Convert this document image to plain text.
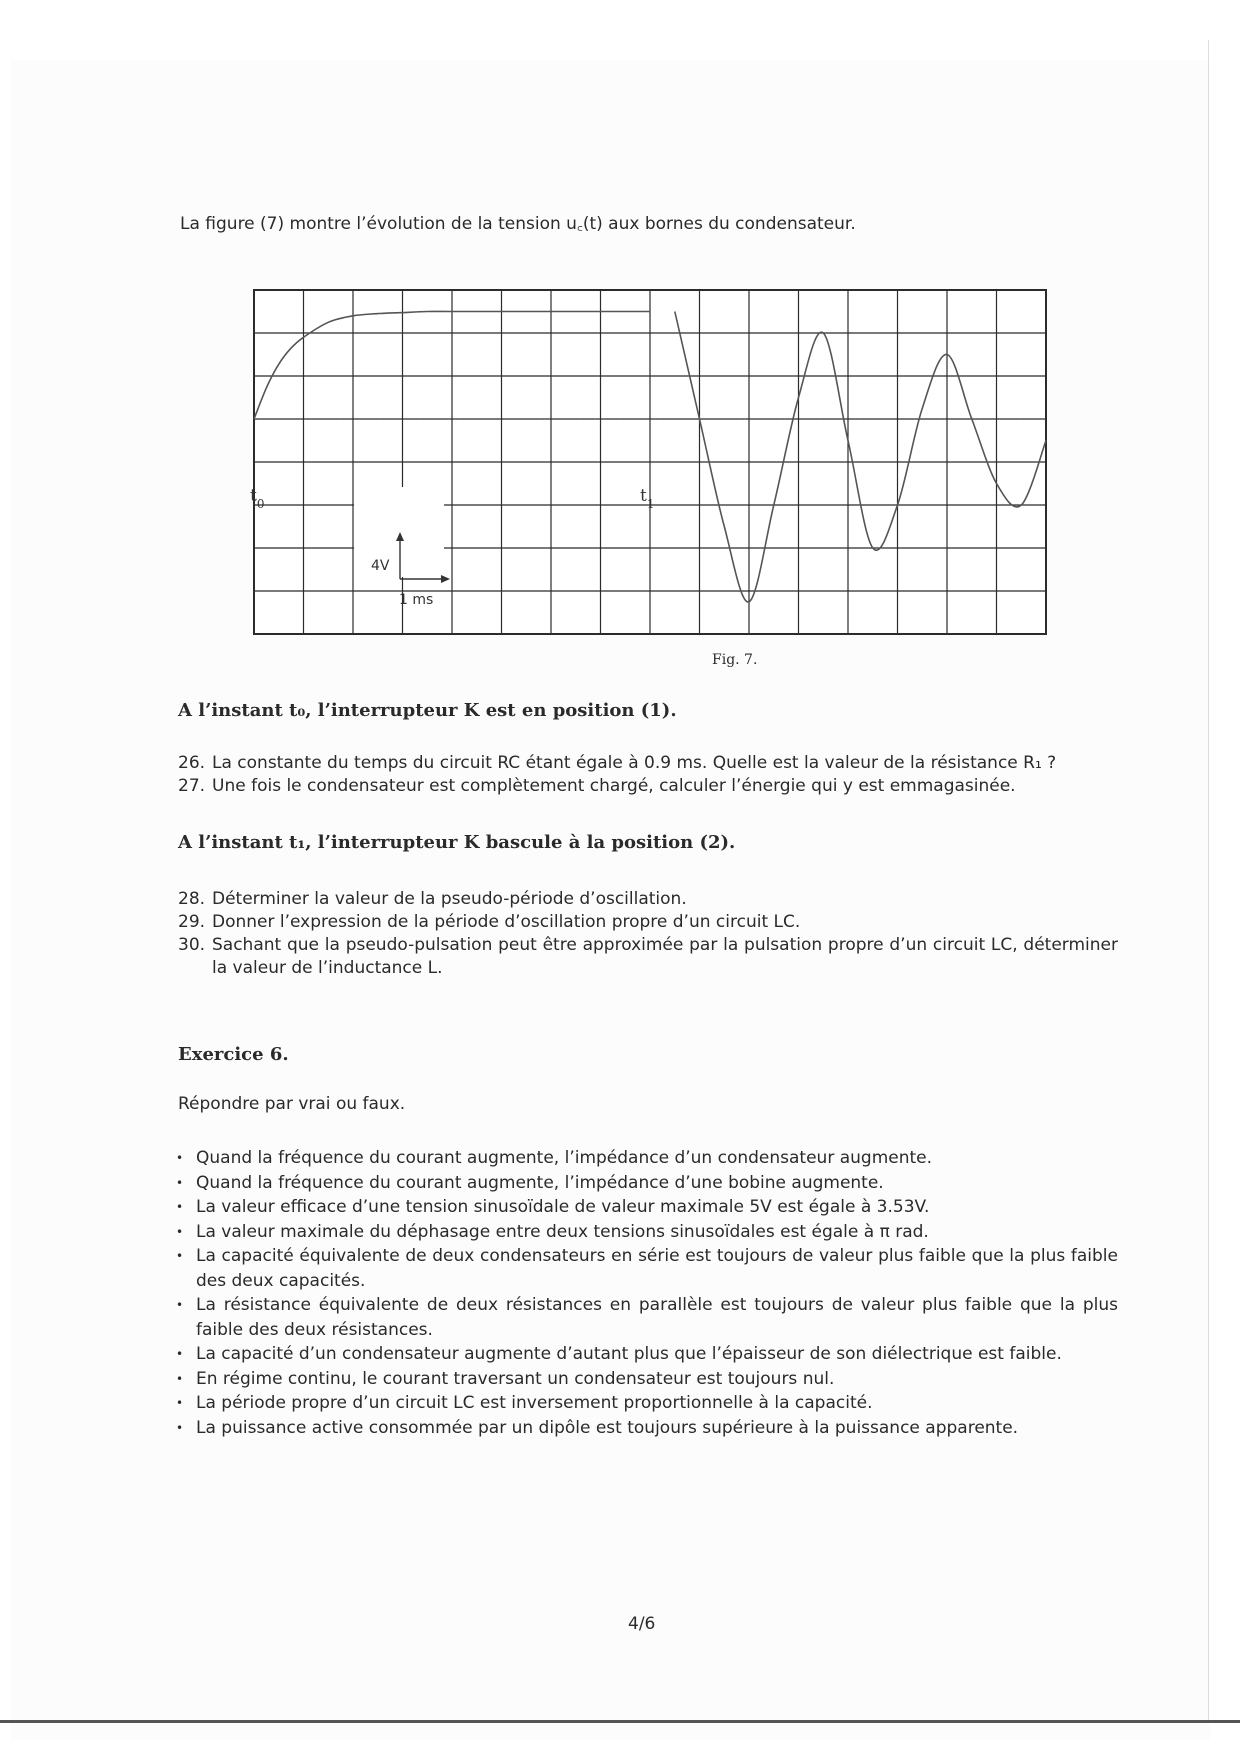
La figure (7) montre l’évolution de la tension u꜀(t) aux bornes du condensateur.
4V
1 ms
$t_0$	$t_1$
Fig. 7.
A l’instant t₀, l’interrupteur K est en position (1).
26. La constante du temps du circuit RC étant égale à 0.9 ms. Quelle est la valeur de la résistance R₁ ?
27. Une fois le condensateur est complètement chargé, calculer l’énergie qui y est emmagasinée.
A l’instant t₁, l’interrupteur K bascule à la position (2).
28. Déterminer la valeur de la pseudo-période d’oscillation.
29. Donner l’expression de la période d’oscillation propre d’un circuit LC.
30. Sachant que la pseudo-pulsation peut être approximée par la pulsation propre d’un circuit LC, déterminer la valeur de l’inductance L.
Exercice 6.
Répondre par vrai ou faux.
• Quand la fréquence du courant augmente, l’impédance d’un condensateur augmente.
• Quand la fréquence du courant augmente, l’impédance d’une bobine augmente.
• La valeur efficace d’une tension sinusoïdale de valeur maximale 5V est égale à 3.53V.
• La valeur maximale du déphasage entre deux tensions sinusoïdales est égale à π rad.
• La capacité équivalente de deux condensateurs en série est toujours de valeur plus faible que la plus faible des deux capacités.
• La résistance équivalente de deux résistances en parallèle est toujours de valeur plus faible que la plus faible des deux résistances.
• La capacité d’un condensateur augmente d’autant plus que l’épaisseur de son diélectrique est faible.
• En régime continu, le courant traversant un condensateur est toujours nul.
• La période propre d’un circuit LC est inversement proportionnelle à la capacité.
• La puissance active consommée par un dipôle est toujours supérieure à la puissance apparente.
4/6
